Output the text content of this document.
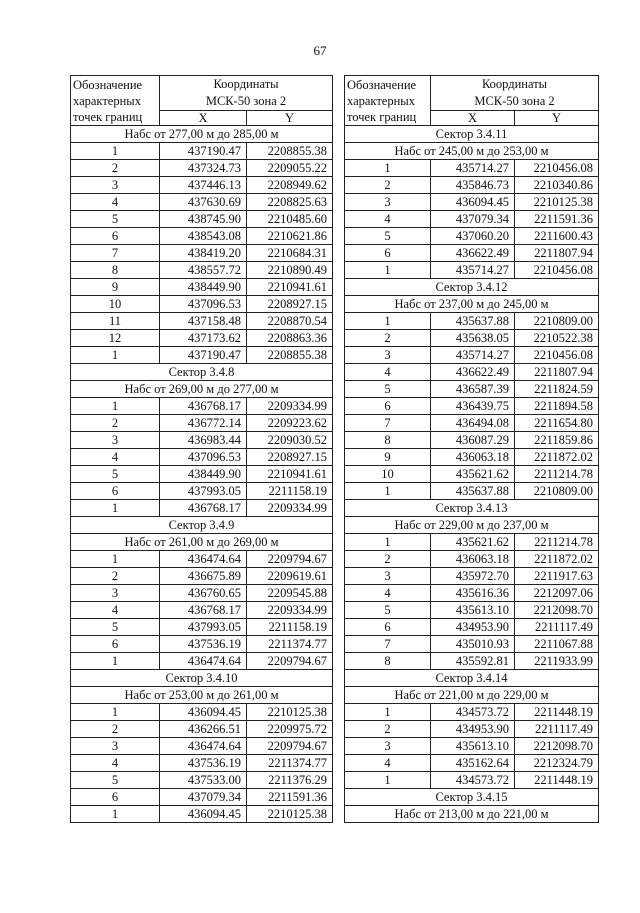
67
Обозначение
характерных
точек границ	Координаты
МСК-50 зона 2	
	X	Y
Набс от 277,00 м до 285,00 м		
1	437190.47	2208855.38
2	437324.73	2209055.22
3	437446.13	2208949.62
4	437630.69	2208825.63
5	438745.90	2210485.60
6	438543.08	2210621.86
7	438419.20	2210684.31
8	438557.72	2210890.49
9	438449.90	2210941.61
10	437096.53	2208927.15
11	437158.48	2208870.54
12	437173.62	2208863.36
1	437190.47	2208855.38
Сектор 3.4.8		
Набс от 269,00 м до 277,00 м		
1	436768.17	2209334.99
2	436772.14	2209223.62
3	436983.44	2209030.52
4	437096.53	2208927.15
5	438449.90	2210941.61
6	437993.05	2211158.19
1	436768.17	2209334.99
Сектор 3.4.9		
Набс от 261,00 м до 269,00 м		
1	436474.64	2209794.67
2	436675.89	2209619.61
3	436760.65	2209545.88
4	436768.17	2209334.99
5	437993.05	2211158.19
6	437536.19	2211374.77
1	436474.64	2209794.67
Сектор 3.4.10		
Набс от 253,00 м до 261,00 м		
1	436094.45	2210125.38
2	436266.51	2209975.72
3	436474.64	2209794.67
4	437536.19	2211374.77
5	437533.00	2211376.29
6	437079.34	2211591.36
1	436094.45	2210125.38
Обозначение
характерных
точек границ	Координаты
МСК-50 зона 2	
	X	Y
Сектор 3.4.11		
Набс от 245,00 м до 253,00 м		
1	435714.27	2210456.08
2	435846.73	2210340.86
3	436094.45	2210125.38
4	437079.34	2211591.36
5	437060.20	2211600.43
6	436622.49	2211807.94
1	435714.27	2210456.08
Сектор 3.4.12		
Набс от 237,00 м до 245,00 м		
1	435637.88	2210809.00
2	435638.05	2210522.38
3	435714.27	2210456.08
4	436622.49	2211807.94
5	436587.39	2211824.59
6	436439.75	2211894.58
7	436494.08	2211654.80
8	436087.29	2211859.86
9	436063.18	2211872.02
10	435621.62	2211214.78
1	435637.88	2210809.00
Сектор 3.4.13		
Набс от 229,00 м до 237,00 м		
1	435621.62	2211214.78
2	436063.18	2211872.02
3	435972.70	2211917.63
4	435616.36	2212097.06
5	435613.10	2212098.70
6	434953.90	2211117.49
7	435010.93	2211067.88
8	435592.81	2211933.99
Сектор 3.4.14		
Набс от 221,00 м до 229,00 м		
1	434573.72	2211448.19
2	434953.90	2211117.49
3	435613.10	2212098.70
4	435162.64	2212324.79
1	434573.72	2211448.19
Сектор 3.4.15		
Набс от 213,00 м до 221,00 м		
